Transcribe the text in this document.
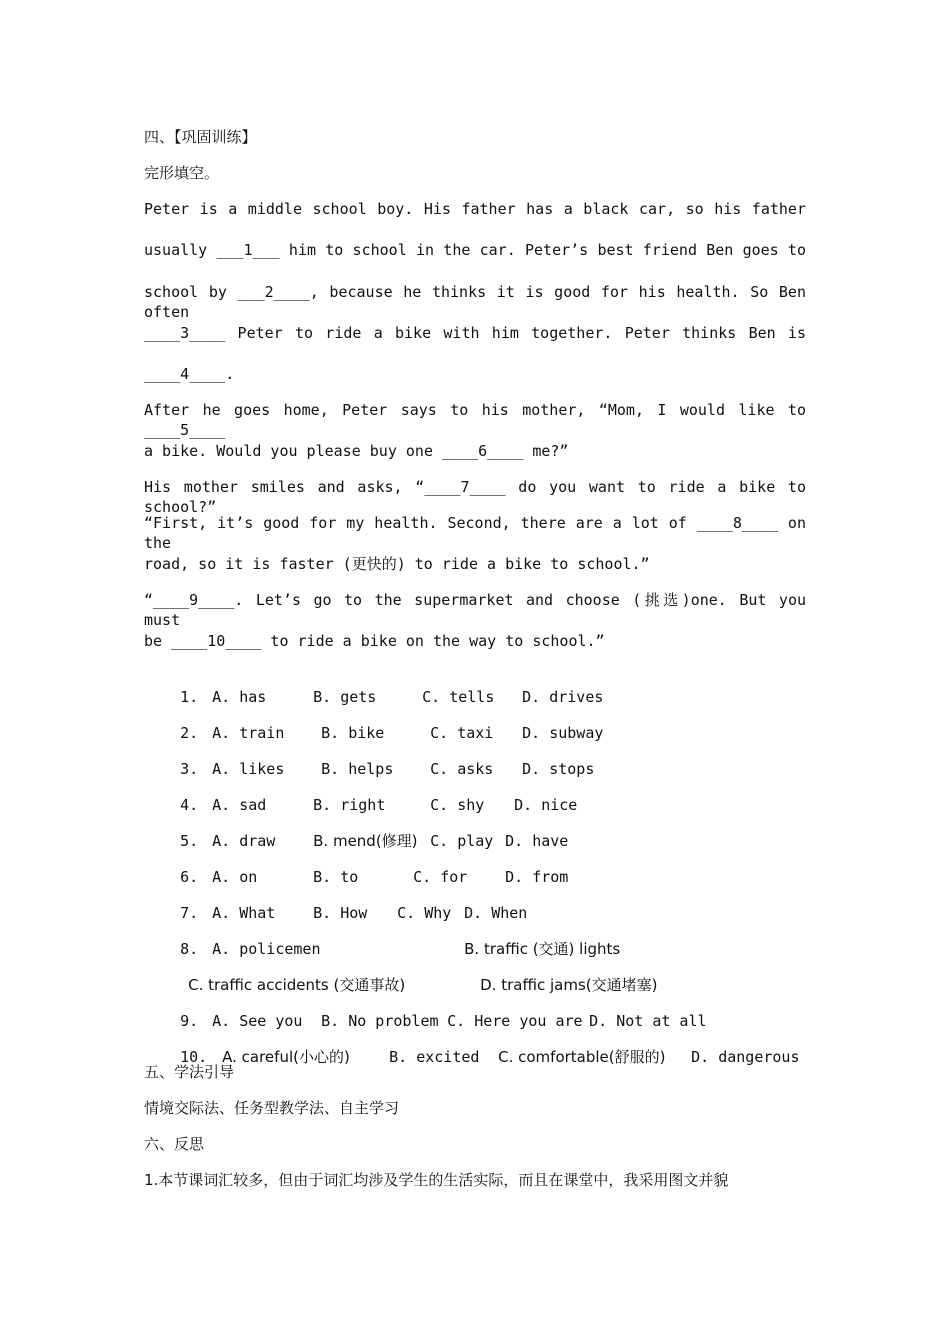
四、【巩固训练】
完形填空。
Peter is a middle school boy. His father has a black car, so his father
usually ___1___ him to school in the car. Peter’s best friend Ben goes to
school by ___2____, because he thinks it is good for his health. So Ben often
____3____ Peter to ride a bike with him together. Peter thinks Ben is
____4____.
After he goes home, Peter says to his mother, “Mom, I would like to ____5____
a bike. Would you please buy one ____6____ me?”
His mother smiles and asks, “____7____ do you want to ride a bike to school?”
“First, it’s good for my health. Second, there are a lot of ____8____ on the
road, so it is faster (更快的) to ride a bike to school.”
“____9____. Let’s go to the supermarket and choose (挑选)one. But you must
be ____10____ to ride a bike on the way to school.”

1. A. has	B. gets	C. tells D. drives

2. A. train B. bike	C. taxi D. subway

3. A. likes B. helps C. asks D. stops

4. A. sad	B. right	C. shy D. nice

5. A. draw	B. mend(修理) C. play D. have

6. A. on	B. to	C. for	D. from

7. A. What	B. How C. Why D. When

8. A. policemen	B. traffic (交通) lights

C. traffic accidents (交通事故)	D. traffic jams(交通堵塞)

9. A. See you B. No problem C. Here you are D. Not at all

10. A. careful(小心的)	B. excited C. comfortable(舒服的) D. dangerous

五、学法引导
情境交际法、任务型教学法、自主学习
六、反思
1.本节课词汇较多，但由于词汇均涉及学生的生活实际，而且在课堂中，我采用图文并貌
